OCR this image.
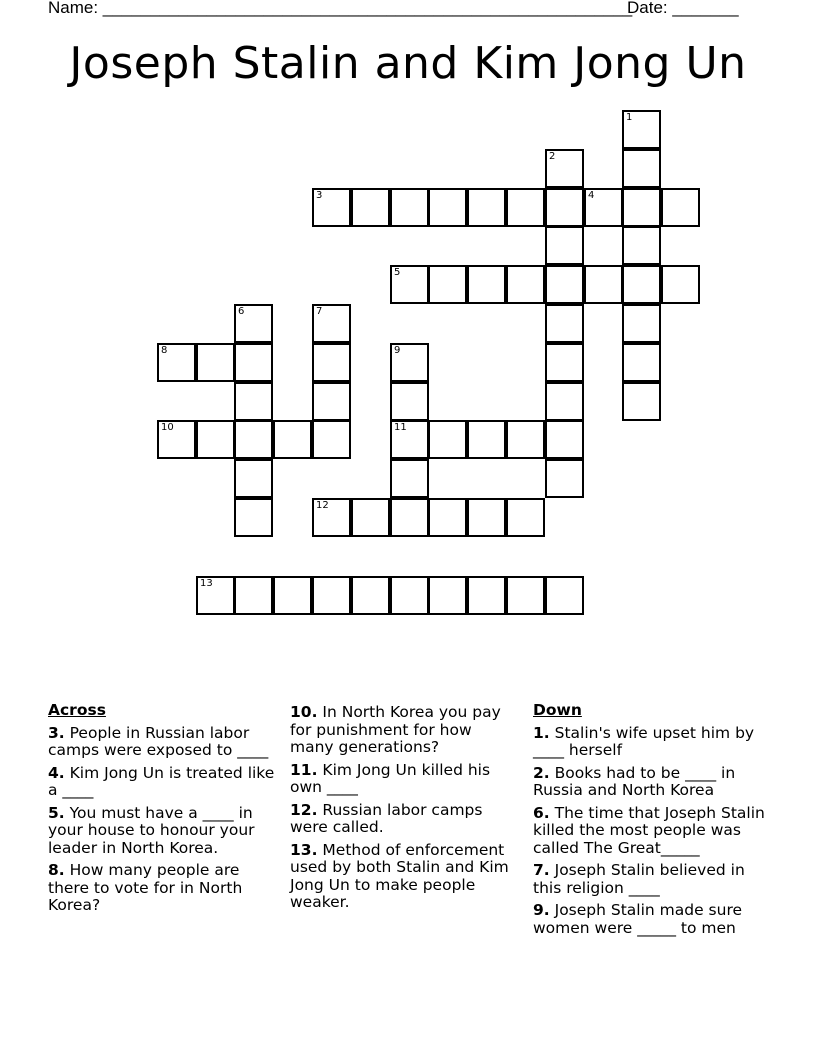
Name: ________________________________________________________
Date: _______
Joseph Stalin and Kim Jong Un
1
2
3	4
5
6	7
8	9
11
10
12
13
Across
3. People in Russian labor camps were exposed to ____
4. Kim Jong Un is treated like a ____
5. You must have a ____ in your house to honour your leader in North Korea.
8. How many people are there to vote for in North Korea?
10. In North Korea you pay for punishment for how many generations?
11. Kim Jong Un killed his own ____
12. Russian labor camps were called.
13. Method of enforcement used by both Stalin and Kim Jong Un to make people weaker.
Down
1. Stalin's wife upset him by ____ herself
2. Books had to be ____ in Russia and North Korea
6. The time that Joseph Stalin killed the most people was called The Great_____
7. Joseph Stalin believed in this religion ____
9. Joseph Stalin made sure women were _____ to men
